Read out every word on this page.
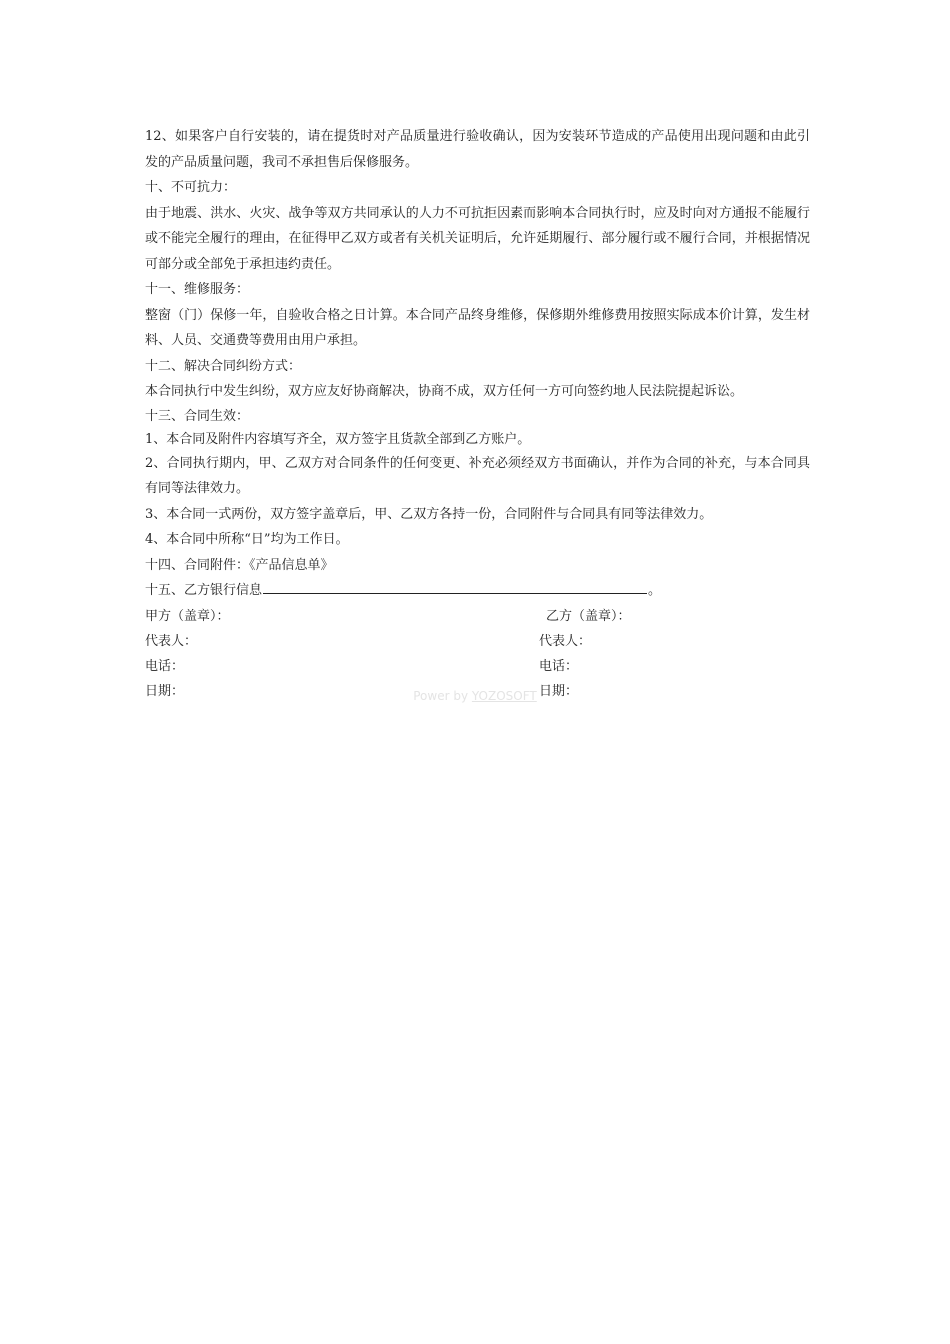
12、如果客户自行安装的，请在提货时对产品质量进行验收确认，因为安装环节造成的产品使用出现问题和由此引发的产品质量问题，我司不承担售后保修服务。

十、不可抗力：

由于地震、洪水、火灾、战争等双方共同承认的人力不可抗拒因素而影响本合同执行时，应及时向对方通报不能履行或不能完全履行的理由，在征得甲乙双方或者有关机关证明后，允许延期履行、部分履行或不履行合同，并根据情况可部分或全部免于承担违约责任。

十一、维修服务：

整窗（门）保修一年，自验收合格之日计算。本合同产品终身维修，保修期外维修费用按照实际成本价计算，发生材料、人员、交通费等费用由用户承担。

十二、解决合同纠纷方式：

本合同执行中发生纠纷，双方应友好协商解决，协商不成，双方任何一方可向签约地人民法院提起诉讼。

十三、合同生效：

1、本合同及附件内容填写齐全，双方签字且货款全部到乙方账户。

2、合同执行期内，甲、乙双方对合同条件的任何变更、补充必须经双方书面确认，并作为合同的补充，与本合同具有同等法律效力。

3、本合同一式两份，双方签字盖章后，甲、乙双方各持一份，合同附件与合同具有同等法律效力。

4、本合同中所称“日”均为工作日。

十四、合同附件：《产品信息单》

十五、乙方银行信息	。

甲方（盖章）：	乙方（盖章）：
代表人：	代表人：
电话：	电话：
日期：	日期：
Power by YOZOSOFT
